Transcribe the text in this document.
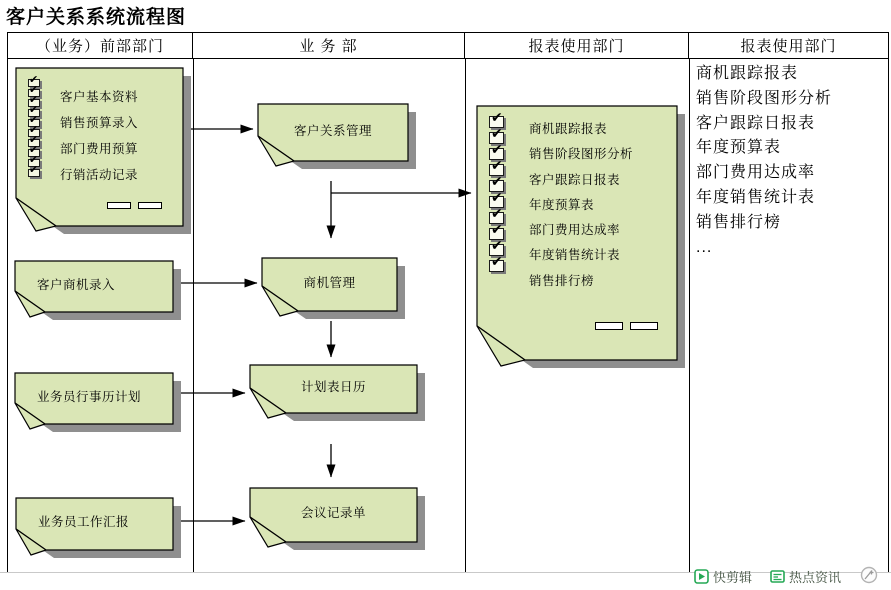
客户关系系统流程图
（业务）前部部门	业 务 部	报表使用部门	报表使用部门
✔
✔
✔
✔
✔
✔
✔
✔
✔
✔
客户基本资料
销售预算录入
部门费用预算
行销活动记录
客户商机录入
业务员行事历计划
业务员工作汇报
客户关系管理
商机管理
计划表日历
会议记录单
✔
✔
✔
✔
✔
✔
✔
✔
✔
✔
商机跟踪报表
销售阶段图形分析
客户跟踪日报表
年度预算表
部门费用达成率
年度销售统计表
销售排行榜
商机跟踪报表
销售阶段图形分析
客户跟踪日报表
年度预算表
部门费用达成率
年度销售统计表
销售排行榜
...
快剪辑	热点资讯
